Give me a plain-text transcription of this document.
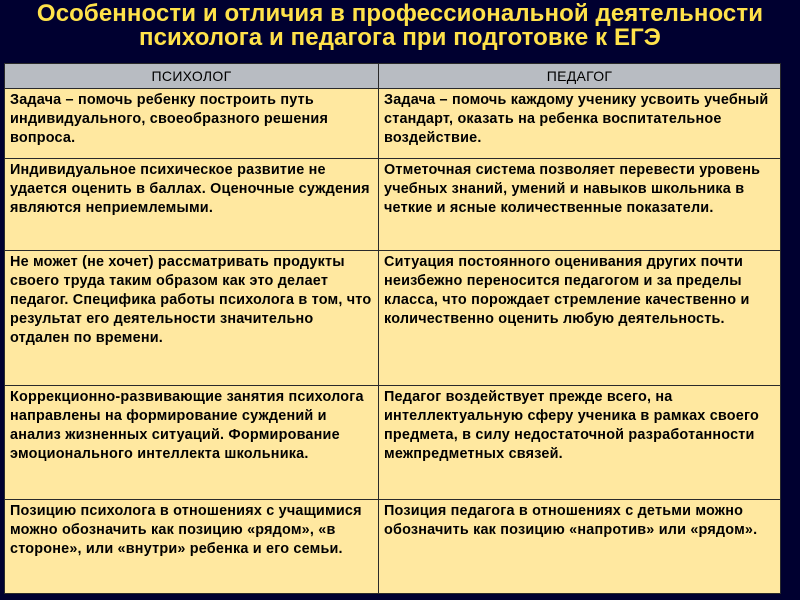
Особенности и отличия в профессиональной деятельности
психолога и педагога при подготовке к ЕГЭ
ПСИХОЛОГ	ПЕДАГОГ
Задача – помочь ребенку построить путь индивидуального, своеобразного решения вопроса.	Задача – помочь каждому ученику усвоить учебный стандарт, оказать на ребенка воспитательное воздействие.
Индивидуальное психическое развитие не удается оценить в баллах. Оценочные суждения являются неприемлемыми.	Отметочная система позволяет перевести уровень учебных знаний, умений и навыков школьника в четкие и ясные количественные показатели.
Не может (не хочет) рассматривать продукты своего труда таким образом как это делает педагог. Специфика работы психолога в том, что результат его деятельности значительно отдален по времени.	Ситуация постоянного оценивания других почти неизбежно переносится педагогом и за пределы класса, что порождает стремление качественно и количественно оценить любую деятельность.
Коррекционно-развивающие занятия психолога направлены на формирование суждений и анализ жизненных ситуаций. Формирование эмоционального интеллекта школьника.	Педагог воздействует прежде всего, на интеллектуальную сферу ученика в рамках своего предмета, в силу недостаточной разработанности межпредметных связей.
Позицию психолога в отношениях с учащимися можно обозначить как позицию «рядом», «в стороне», или «внутри» ребенка и его семьи.	Позиция педагога в отношениях с детьми можно обозначить как позицию «напротив» или «рядом».
